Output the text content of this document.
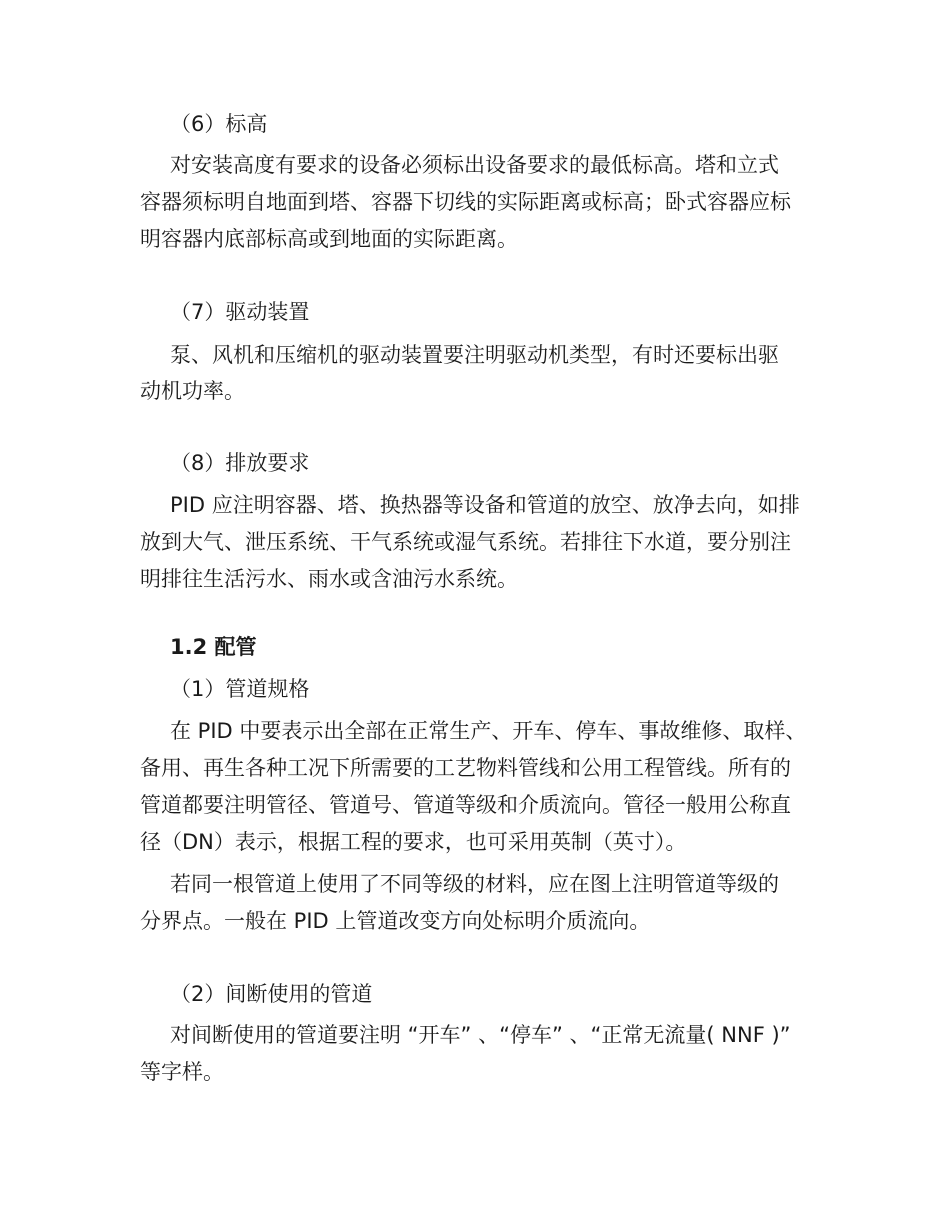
（6）标高
对安装高度有要求的设备必须标出设备要求的最低标高。塔和立式
容器须标明自地面到塔、容器下切线的实际距离或标高；卧式容器应标
明容器内底部标高或到地面的实际距离。
（7）驱动装置
泵、风机和压缩机的驱动装置要注明驱动机类型，有时还要标出驱
动机功率。
（8）排放要求
PID 应注明容器、塔、换热器等设备和管道的放空、放净去向，如排
放到大气、泄压系统、干气系统或湿气系统。若排往下水道，要分别注
明排往生活污水、雨水或含油污水系统。
1.2 配管
（1）管道规格
在 PID 中要表示出全部在正常生产、开车、停车、事故维修、取样、
备用、再生各种工况下所需要的工艺物料管线和公用工程管线。所有的
管道都要注明管径、管道号、管道等级和介质流向。管径一般用公称直
径（DN）表示，根据工程的要求，也可采用英制（英寸）。
若同一根管道上使用了不同等级的材料，应在图上注明管道等级的
分界点。一般在 PID 上管道改变方向处标明介质流向。
（2）间断使用的管道
对间断使用的管道要注明 “开车” 、“停车” 、“正常无流量( NNF )”
等字样。
